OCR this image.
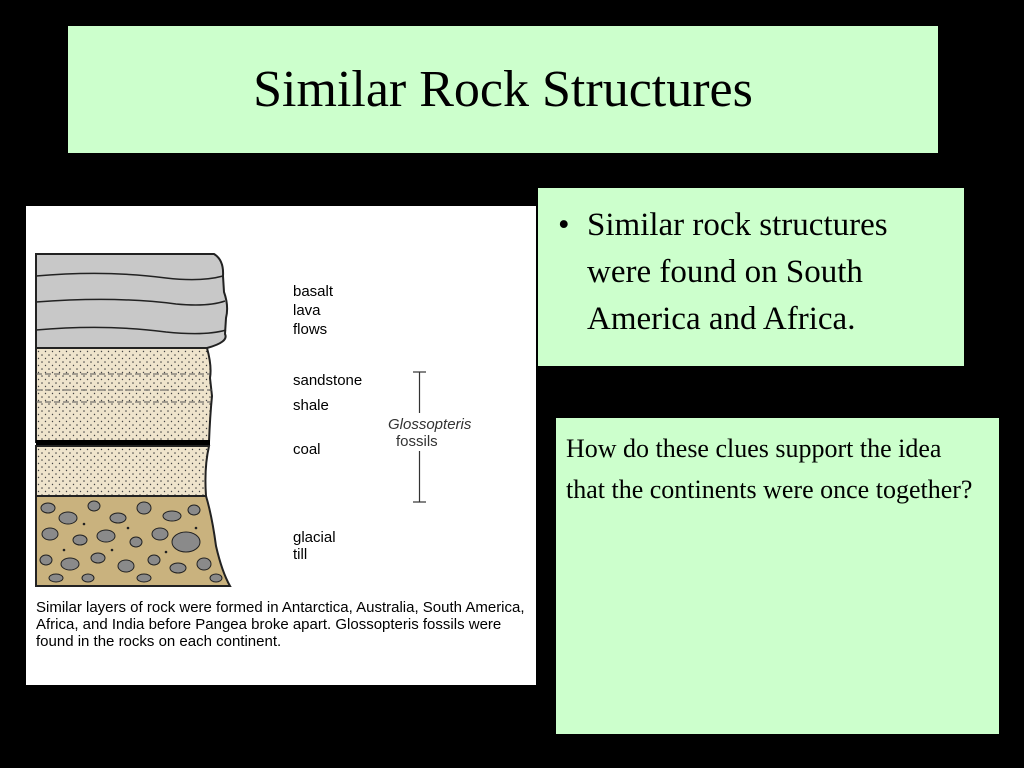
Similar Rock Structures
basalt
lava
flows
sandstone
shale
coal
glacial
till
Glossopteris
fossils

Similar layers of rock were formed in Antarctica, Australia, South America, Africa, and India before Pangea broke apart. Glossopteris fossils were found in the rocks on each continent.

• Similar rock structures were found on South America and Africa.

How do these clues support the idea that the continents were once together?
